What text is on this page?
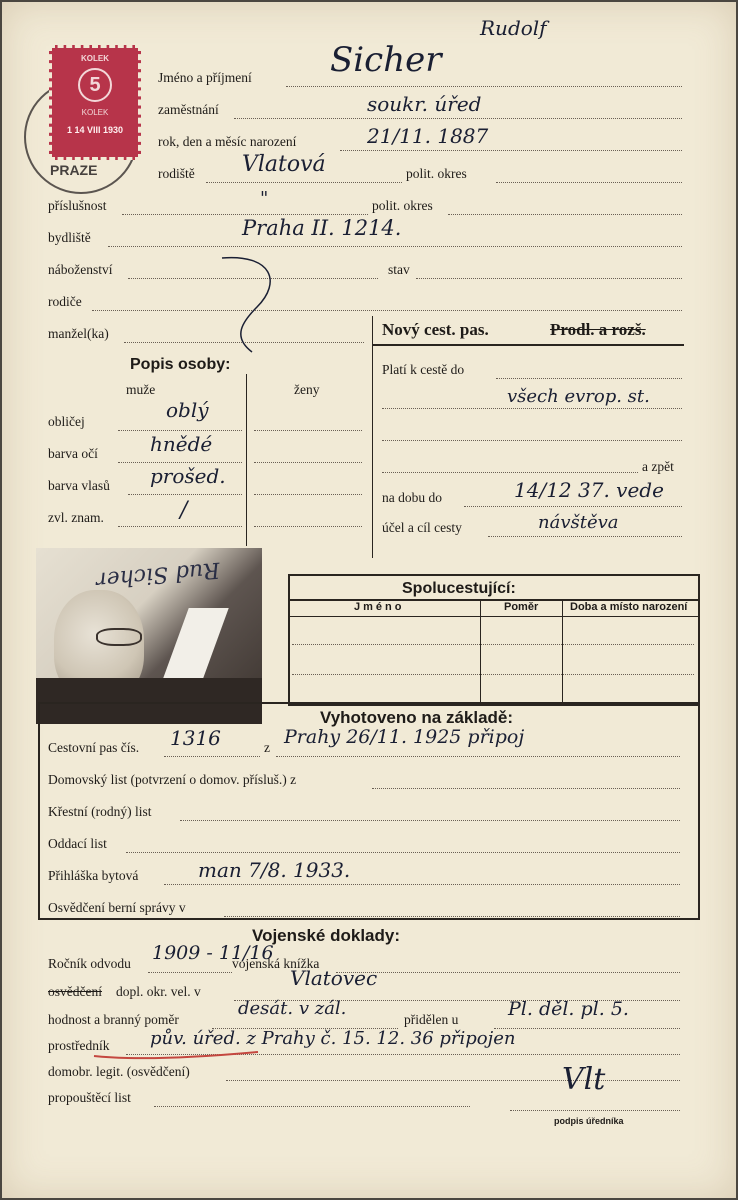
PRAZE
KOLEK
5
KOLEK
1 14 VIII 1930
Rudolf
Jméno a příjmení Sicher
zaměstnání	soukr. úřed
rok, den a měsíc narození	21/11. 1887
rodiště Vlatová	polit. okres
příslušnost	"	polit. okres
bydliště	Praha II. 1214.
náboženství	stav
rodiče
manžel(ka)	Nový cest. pas.	Prodl. a rozš.
Platí k cestě do
všech evrop. st.
a zpět
na dobu do	14/12 37. vede
účel a cíl cesty	návštěva
Popis osoby:
muže	ženy
obličej	oblý
barva očí	hnědé
barva vlasů prošed.
zvl. znam.	/
Rud Sicher	Spolucestující:
Jméno	Poměr	Doba a místo narození
Vyhotoveno na základě:
Cestovní pas čís. 1316	z Prahy 26/11. 1925 připoj
Domovský list (potvrzení o domov. přísluš.) z
Křestní (rodný) list
Oddací list
Přihláška bytová	man 7/8. 1933.
Osvědčení berní správy v
Vojenské doklady:
Ročník odvodu 1909 - 11/16
vojenská knížka
osvědčení dopl. okr. vel. v
Vlatovec
hodnost a branný poměr
desát. v zál.
přidělen u	Pl. děl. pl. 5.
prostředník pův. úřed. z Prahy č. 15. 12. 36 připojen
domobr. legit. (osvědčení)
propouštěcí list
Vlt
podpis úředníka
